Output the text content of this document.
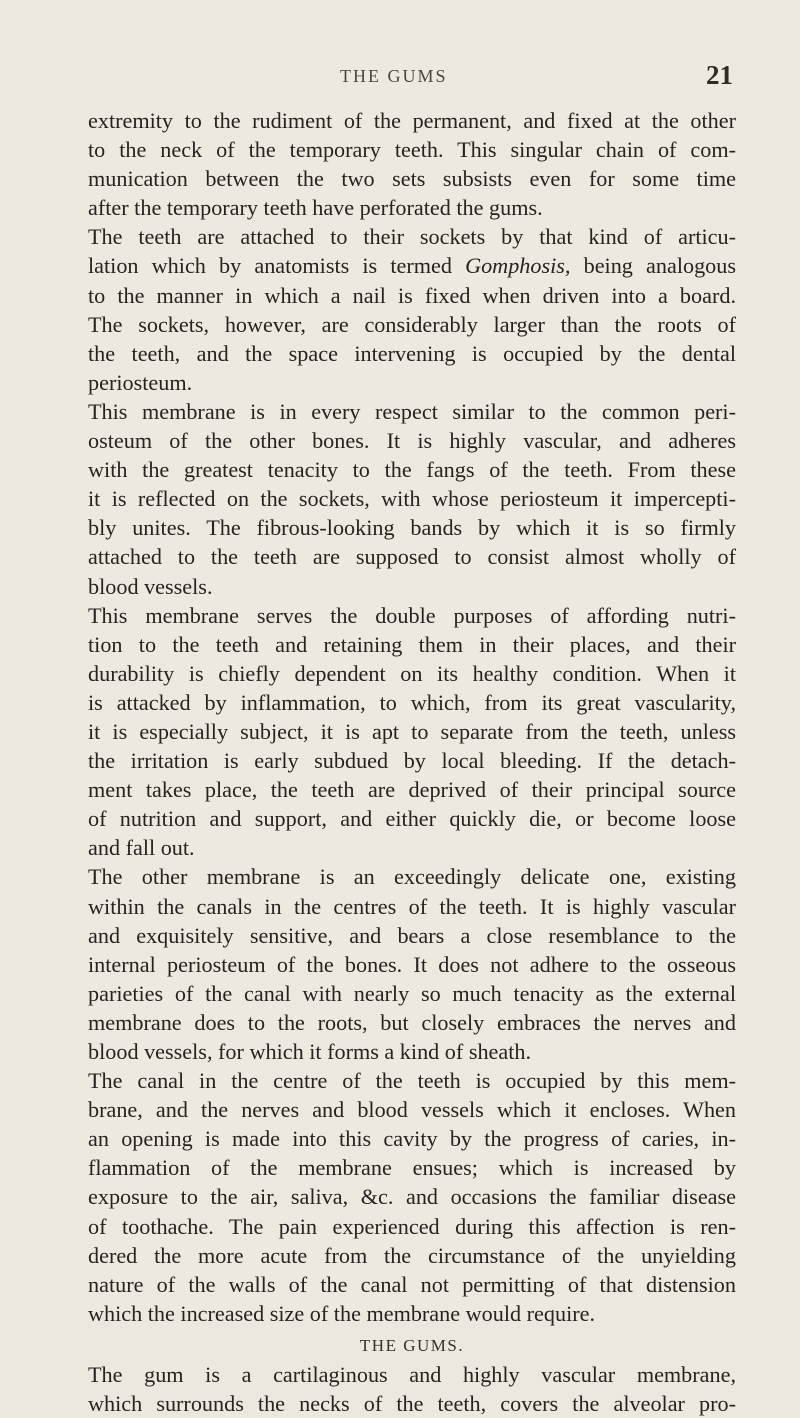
THE GUMS	21
extremity to the rudiment of the permanent, and fixed at the other
to the neck of the temporary teeth. This singular chain of com-
munication between the two sets subsists even for some time
after the temporary teeth have perforated the gums.
The teeth are attached to their sockets by that kind of articu-
lation which by anatomists is termed Gomphosis, being analogous
to the manner in which a nail is fixed when driven into a board.
The sockets, however, are considerably larger than the roots of
the teeth, and the space intervening is occupied by the dental
periosteum.
This membrane is in every respect similar to the common peri-
osteum of the other bones. It is highly vascular, and adheres
with the greatest tenacity to the fangs of the teeth. From these
it is reflected on the sockets, with whose periosteum it impercepti-
bly unites. The fibrous-looking bands by which it is so firmly
attached to the teeth are supposed to consist almost wholly of
blood vessels.
This membrane serves the double purposes of affording nutri-
tion to the teeth and retaining them in their places, and their
durability is chiefly dependent on its healthy condition. When it
is attacked by inflammation, to which, from its great vascularity,
it is especially subject, it is apt to separate from the teeth, unless
the irritation is early subdued by local bleeding. If the detach-
ment takes place, the teeth are deprived of their principal source
of nutrition and support, and either quickly die, or become loose
and fall out.
The other membrane is an exceedingly delicate one, existing
within the canals in the centres of the teeth. It is highly vascular
and exquisitely sensitive, and bears a close resemblance to the
internal periosteum of the bones. It does not adhere to the osseous
parieties of the canal with nearly so much tenacity as the external
membrane does to the roots, but closely embraces the nerves and
blood vessels, for which it forms a kind of sheath.
The canal in the centre of the teeth is occupied by this mem-
brane, and the nerves and blood vessels which it encloses. When
an opening is made into this cavity by the progress of caries, in-
flammation of the membrane ensues; which is increased by
exposure to the air, saliva, &c. and occasions the familiar disease
of toothache. The pain experienced during this affection is ren-
dered the more acute from the circumstance of the unyielding
nature of the walls of the canal not permitting of that distension
which the increased size of the membrane would require.
THE GUMS.
The gum is a cartilaginous and highly vascular membrane,
which surrounds the necks of the teeth, covers the alveolar pro-
